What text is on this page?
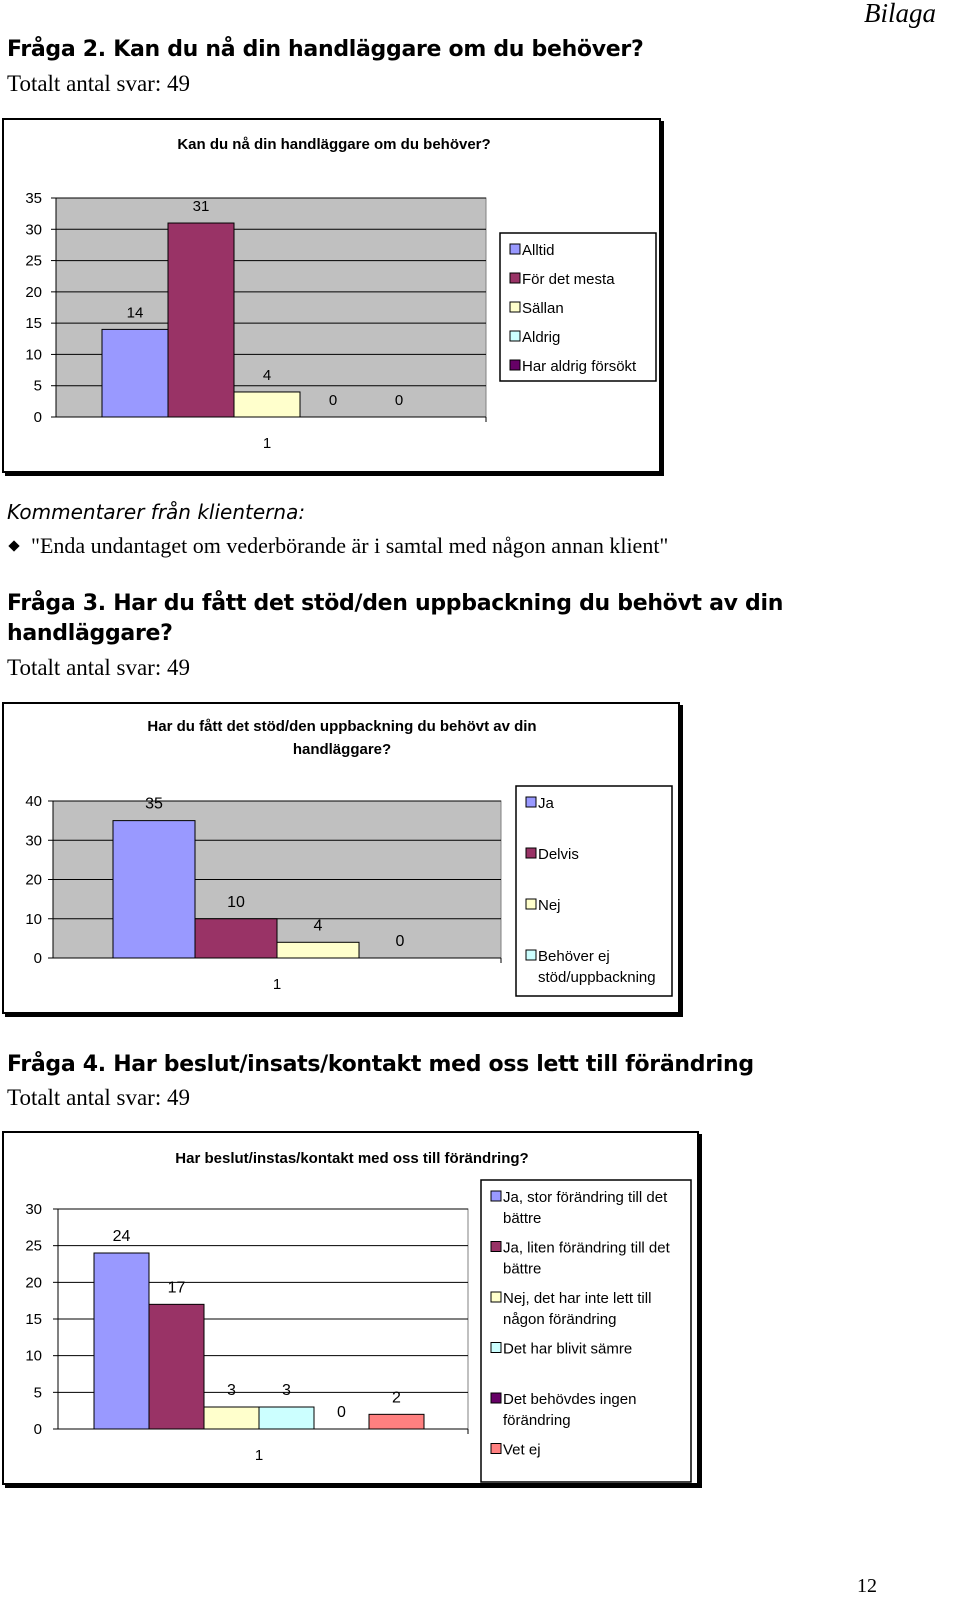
Bilaga
Fråga 2. Kan du nå din handläggare om du behöver?
Totalt antal svar: 49
Kan du nå din handläggare om du behöver?
0
5
10
15
20
25
30
35
14
31
4
0	0
1
Alltid
För det mesta
Sällan
Aldrig
Har aldrig försökt
Kommentarer från klienterna:
"Enda undantaget om vederbörande är i samtal med någon annan klient"
Fråga 3. Har du fått det stöd/den uppbackning du behövt av din
handläggare?
Totalt antal svar: 49
Har du fått det stöd/den uppbackning du behövt av din handläggare?
0
10
20
30
40	35
10
4
0
1
Ja
Delvis
Nej
Behöver ej stöd/uppbackning
Fråga 4. Har beslut/insats/kontakt med oss lett till förändring
Totalt antal svar: 49
Har beslut/instas/kontakt med oss till förändring?
0
5
10
15
20
25
30
24
17
3	3
0
2
1
Ja, stor förändring till det bättre
Ja, liten förändring till det bättre
Nej, det har inte lett till någon förändring
Det har blivit sämre
Det behövdes ingen förändring
Vet ej
12
